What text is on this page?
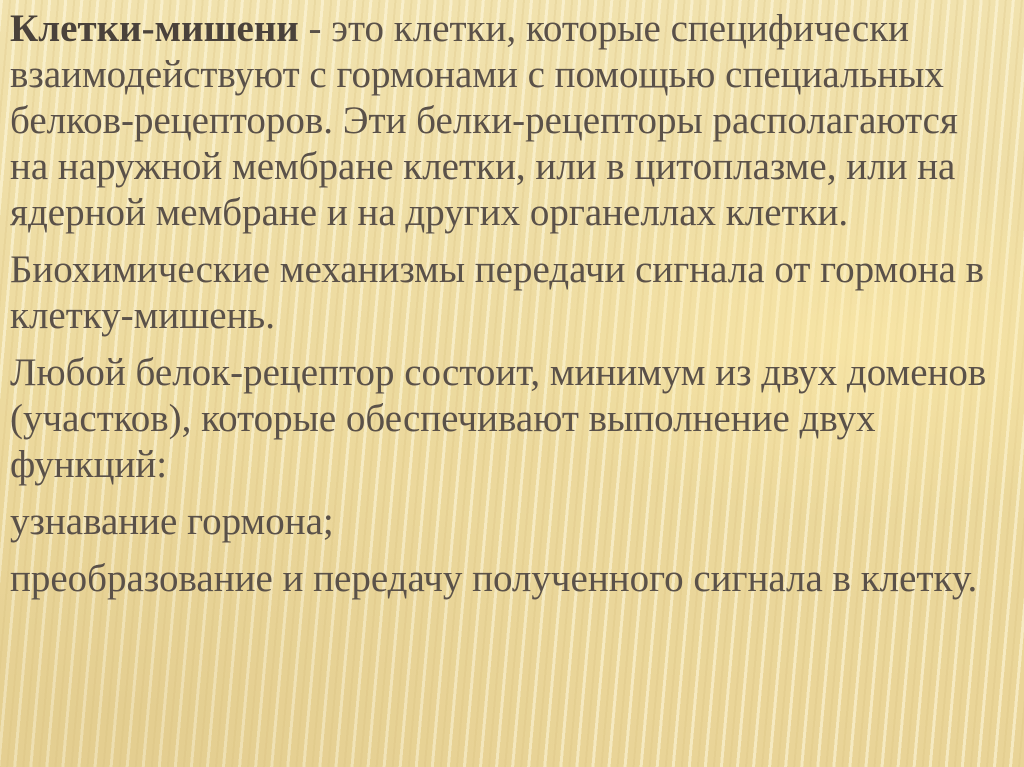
Клетки-мишени - это клетки, которые специфически взаимодействуют с гормонами с помощью специальных белков-рецепторов. Эти белки-рецепторы располагаются на наружной мембране клетки, или в цитоплазме, или на ядерной мембране и на других органеллах клетки.

Биохимические механизмы передачи сигнала от гормона в клетку-мишень.

Любой белок-рецептор состоит, минимум из двух доменов (участков), которые обеспечивают выполнение двух функций:

узнавание гормона;

преобразование и передачу полученного сигнала в клетку.
